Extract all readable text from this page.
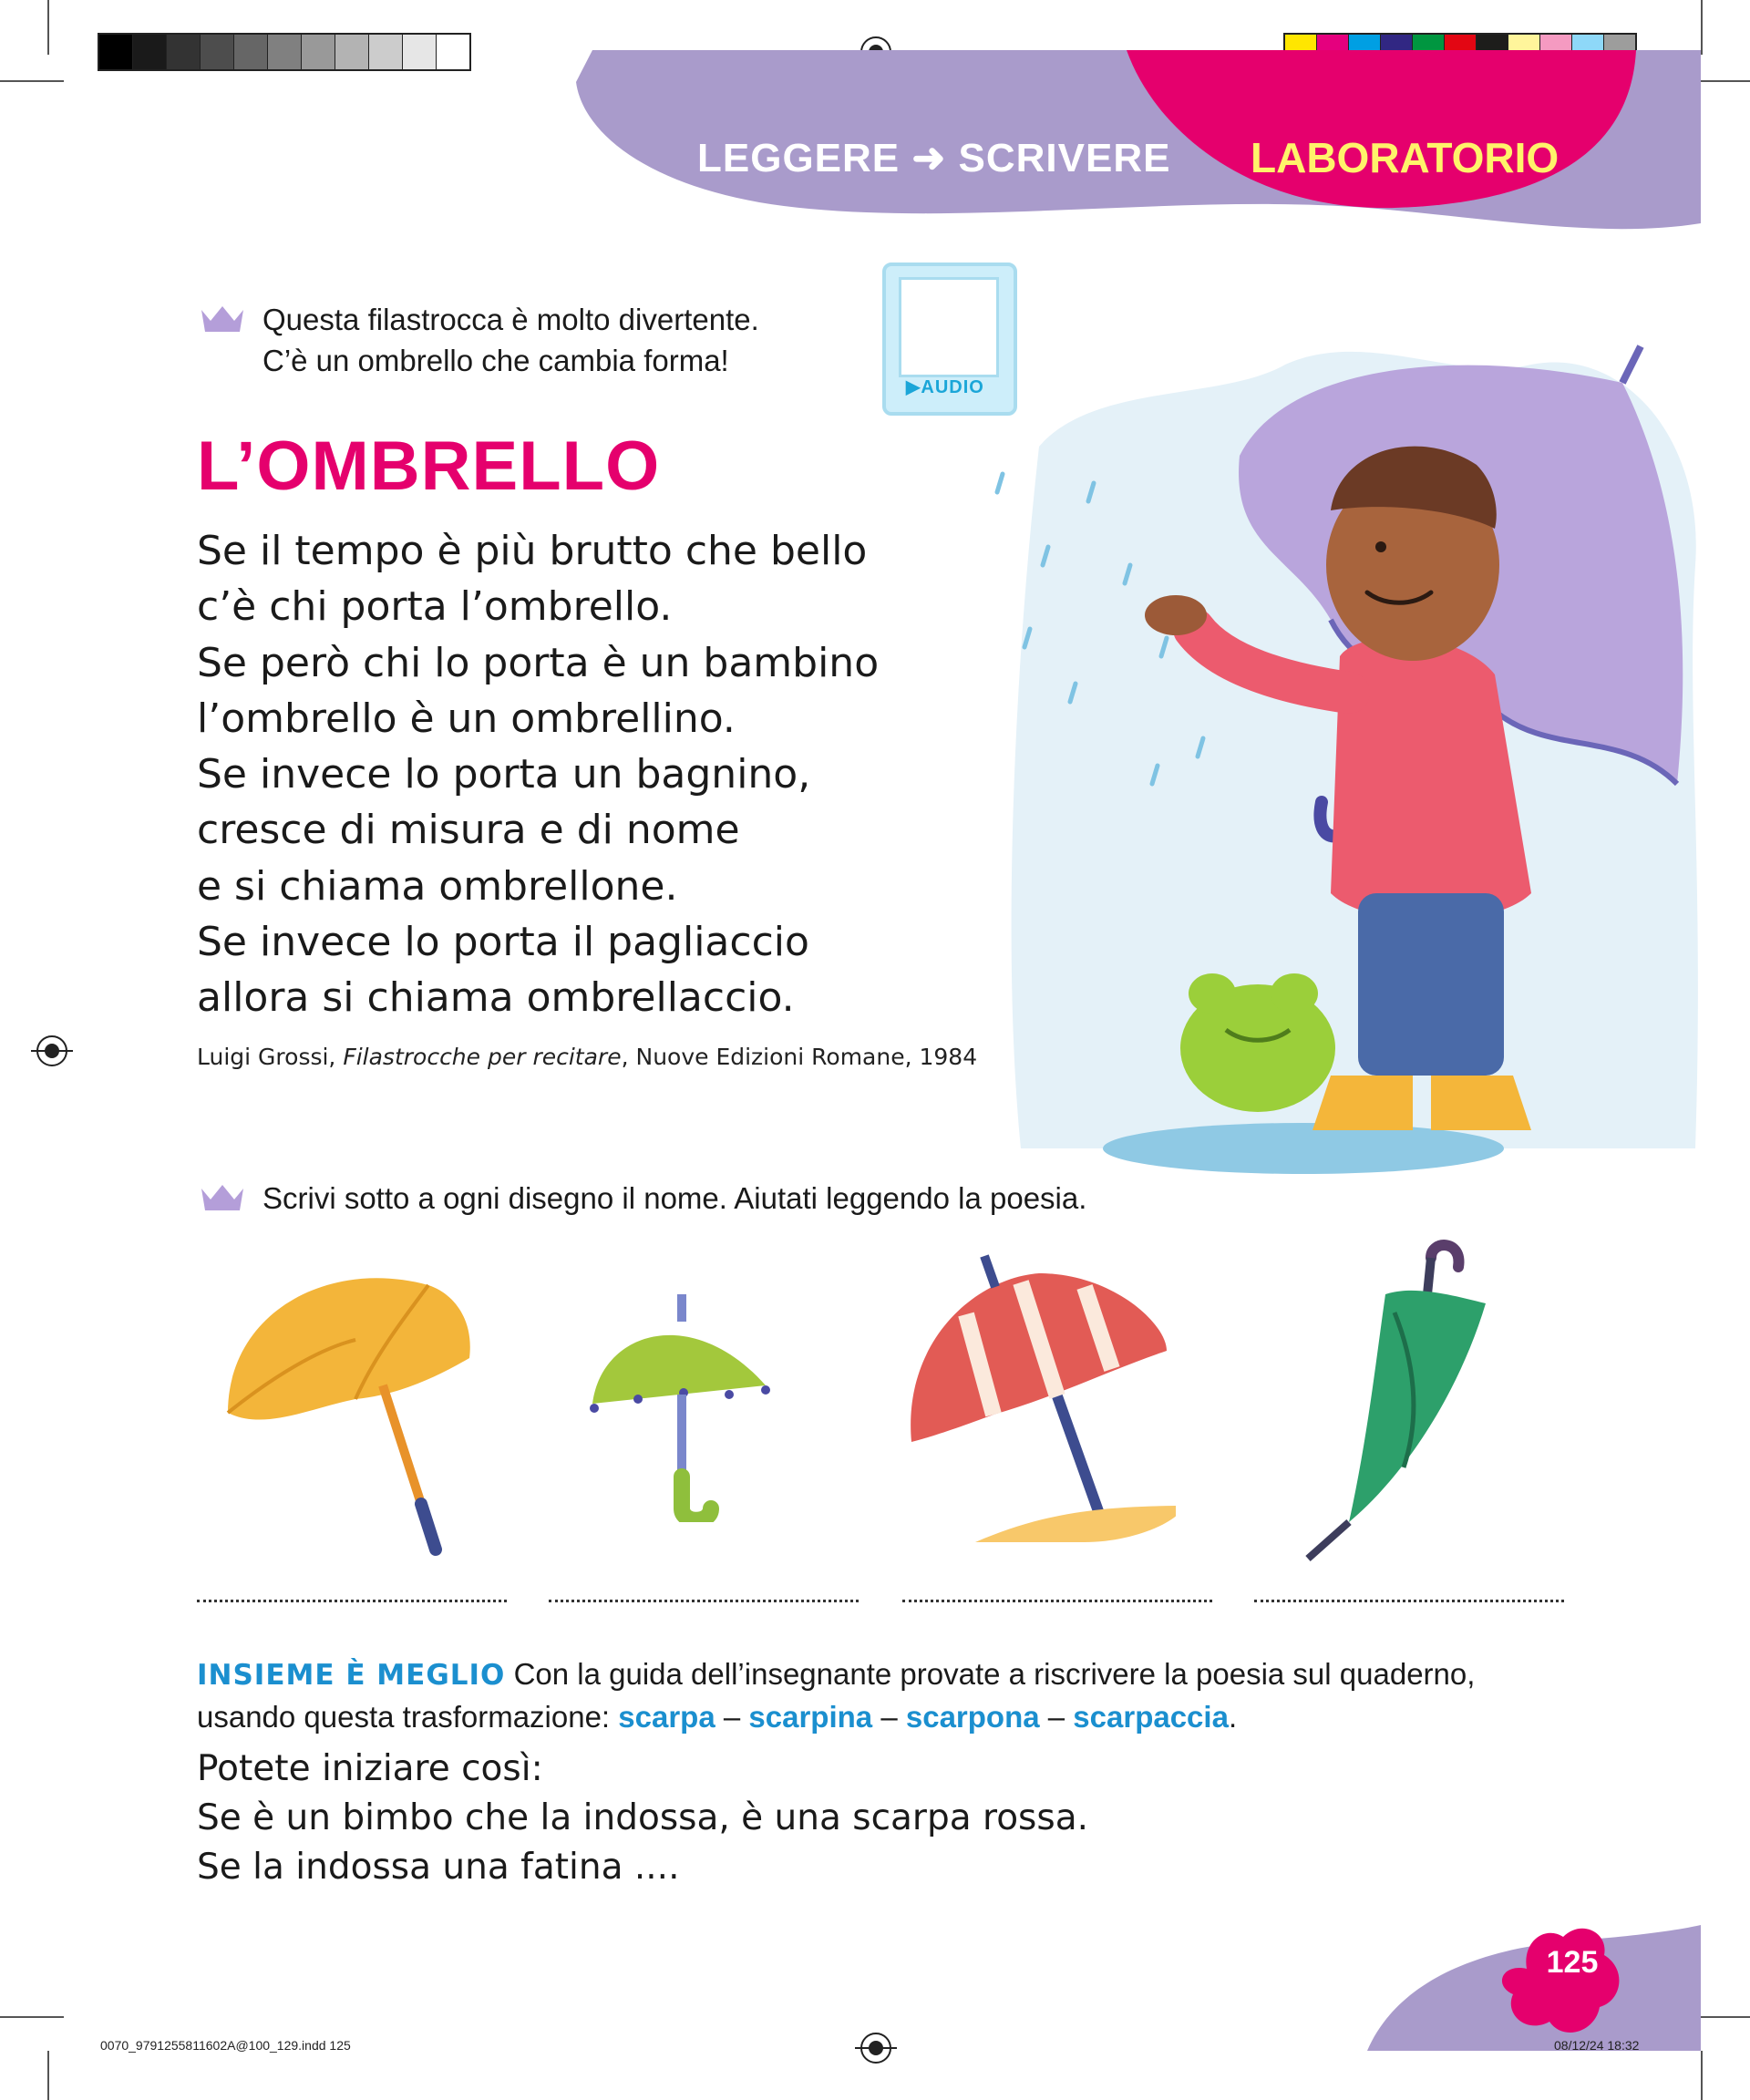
LEGGERE ➜ SCRIVERE LABORATORIO
Questa filastrocca è molto divertente.
C’è un ombrello che cambia forma!
▶AUDIO
L’OMBRELLO
Se il tempo è più brutto che bello
c’è chi porta l’ombrello.
Se però chi lo porta è un bambino
l’ombrello è un ombrellino.
Se invece lo porta un bagnino,
cresce di misura e di nome
e si chiama ombrellone.
Se invece lo porta il pagliaccio
allora si chiama ombrellaccio.
Luigi Grossi, Filastrocche per recitare, Nuove Edizioni Romane, 1984
Scrivi sotto a ogni disegno il nome. Aiutati leggendo la poesia.
INSIEME È MEGLIO Con la guida dell’insegnante provate a riscrivere la poesia sul quaderno, usando questa trasformazione: scarpa – scarpina – scarpona – scarpaccia.
Potete iniziare così:
Se è un bimbo che la indossa, è una scarpa rossa.
Se la indossa una fatina ....
125
0070_9791255811602A@100_129.indd 125	08/12/24 18:32
